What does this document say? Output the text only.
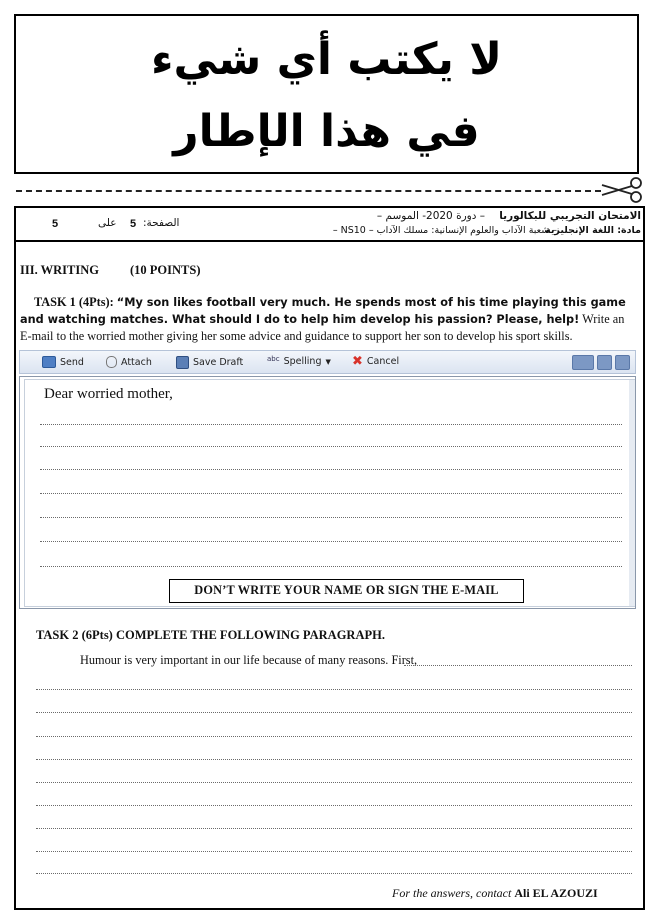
لا يكتب أي شيء
في هذا الإطار
5	على 5 الصفحة:
الامتحان التجريبي للبكالوريا
– دورة 2020- الموسم –
مادة: اللغة الإنجليزية
– شعبة الآداب والعلوم الإنسانية: مسلك الآداب – NS10 –
III. WRITING (10 POINTS)
TASK 1 (4Pts): “My son likes football very much. He spends most of his time playing this game and watching matches. What should I do to help him develop his passion? Please, help! Write an E-mail to the worried mother giving her some advice and guidance to support her son to develop his sport skills.
Send	Attach	Save Draft	abc Spelling ▼ ✖ Cancel
Dear worried mother,
DON’T WRITE YOUR NAME OR SIGN THE E-MAIL
TASK 2 (6Pts) COMPLETE THE FOLLOWING PARAGRAPH.
Humour is very important in our life because of many reasons. First,
For the answers, contact Ali EL AZOUZI
